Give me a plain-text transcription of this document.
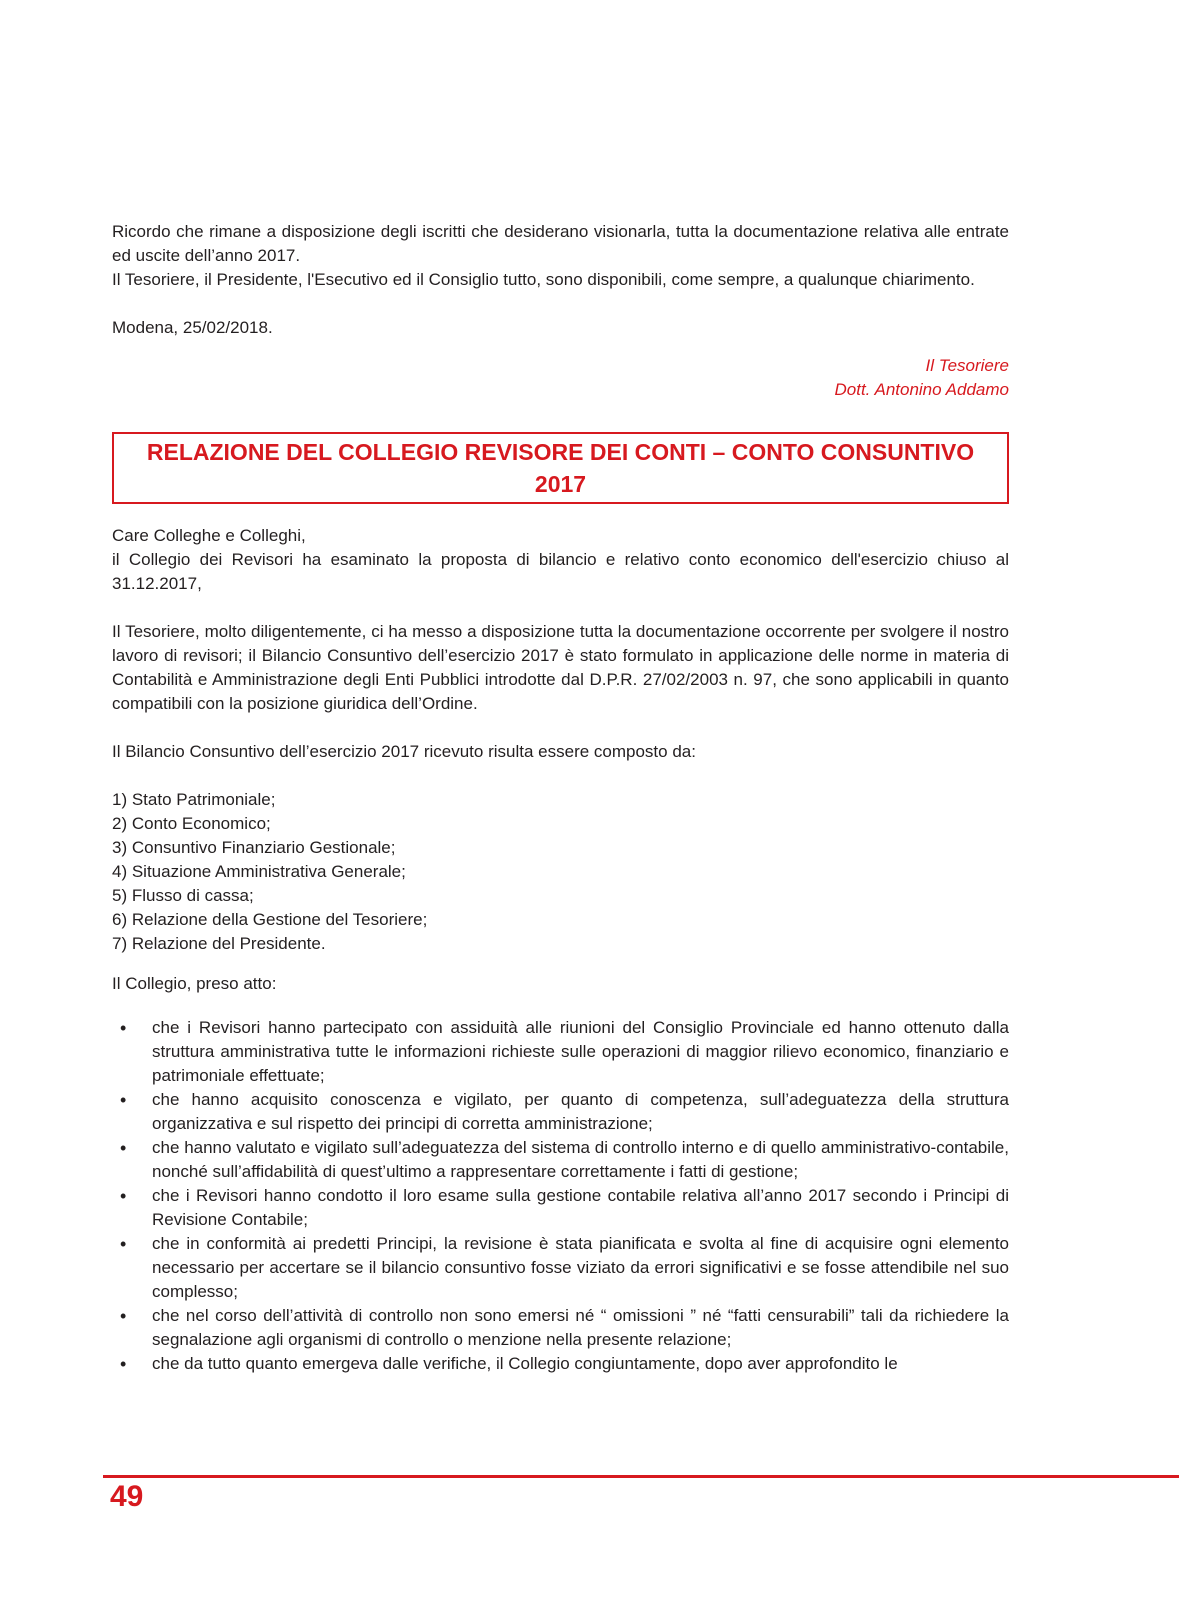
Ricordo che rimane a disposizione degli iscritti che desiderano visionarla, tutta la documentazione relativa alle entrate ed uscite dell’anno 2017.

Il Tesoriere, il Presidente, l'Esecutivo ed il Consiglio tutto, sono disponibili, come sempre, a qualunque chiarimento.

Modena, 25/02/2018.

Il Tesoriere
Dott. Antonino Addamo
RELAZIONE DEL COLLEGIO REVISORE DEI CONTI – CONTO CONSUNTIVO 2017

Care Colleghe e Colleghi,

il Collegio dei Revisori ha esaminato la proposta di bilancio e relativo conto economico dell'esercizio chiuso al 31.12.2017,

Il Tesoriere, molto diligentemente, ci ha messo a disposizione tutta la documentazione occorrente per svolgere il nostro lavoro di revisori; il Bilancio Consuntivo dell’esercizio 2017 è stato formulato in applicazione delle norme in materia di Contabilità e Amministrazione degli Enti Pubblici introdotte dal D.P.R. 27/02/2003 n. 97, che sono applicabili in quanto compatibili con la posizione giuridica dell’Ordine.

Il Bilancio Consuntivo dell’esercizio 2017 ricevuto risulta essere composto da:

1) Stato Patrimoniale;

2) Conto Economico;

3) Consuntivo Finanziario Gestionale;

4) Situazione Amministrativa Generale;

5) Flusso di cassa;

6) Relazione della Gestione del Tesoriere;

7) Relazione del Presidente.

Il Collegio, preso atto:

• che i Revisori hanno partecipato con assiduità alle riunioni del Consiglio Provinciale ed hanno ottenuto dalla struttura amministrativa tutte le informazioni richieste sulle operazioni di maggior rilievo economico, finanziario e patrimoniale effettuate;
• che hanno acquisito conoscenza e vigilato, per quanto di competenza, sull’adeguatezza della struttura organizzativa e sul rispetto dei principi di corretta amministrazione;
• che hanno valutato e vigilato sull’adeguatezza del sistema di controllo interno e di quello amministrativo-contabile, nonché sull’affidabilità di quest’ultimo a rappresentare correttamente i fatti di gestione;
• che i Revisori hanno condotto il loro esame sulla gestione contabile relativa all’anno 2017 secondo i Principi di Revisione Contabile;
• che in conformità ai predetti Principi, la revisione è stata pianificata e svolta al fine di acquisire ogni elemento necessario per accertare se il bilancio consuntivo fosse viziato da errori significativi e se fosse attendibile nel suo complesso;
• che nel corso dell’attività di controllo non sono emersi né “ omissioni ” né “fatti censurabili” tali da richiedere la segnalazione agli organismi di controllo o menzione nella presente relazione;
• che da tutto quanto emergeva dalle verifiche, il Collegio congiuntamente, dopo aver approfondito le
49
